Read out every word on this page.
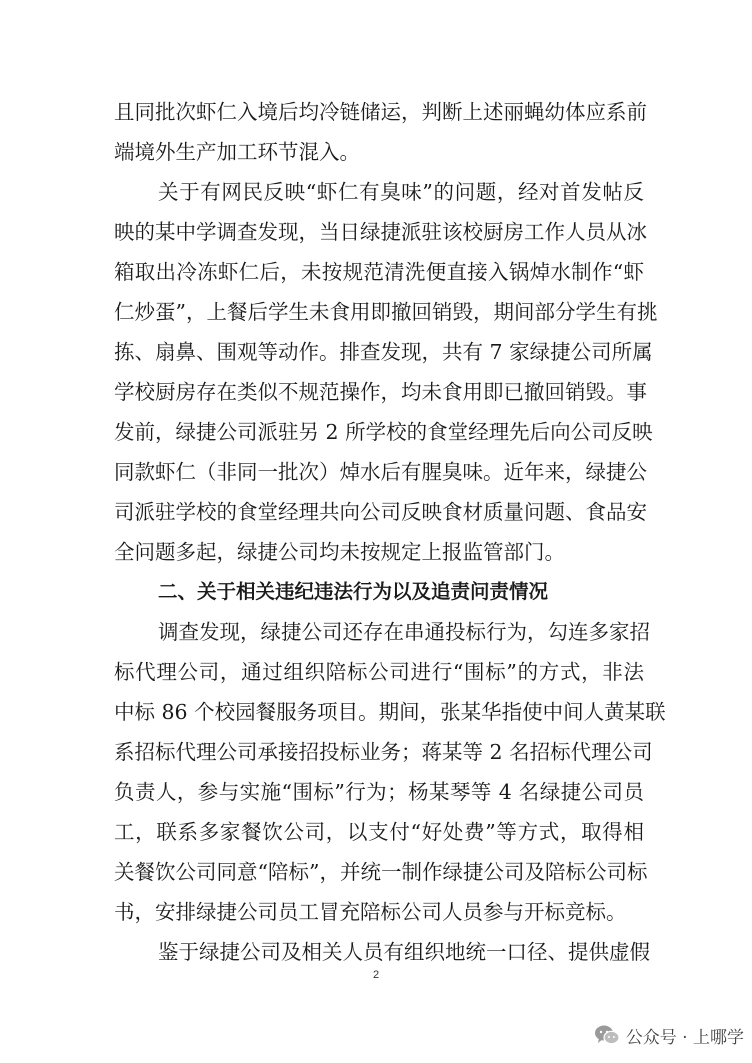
且同批次虾仁入境后均冷链储运，判断上述丽蝇幼体应系前
端境外生产加工环节混入。
关于有网民反映“虾仁有臭味”的问题，经对首发帖反
映的某中学调查发现，当日绿捷派驻该校厨房工作人员从冰
箱取出冷冻虾仁后，未按规范清洗便直接入锅焯水制作“虾
仁炒蛋”，上餐后学生未食用即撤回销毁，期间部分学生有挑
拣、扇鼻、围观等动作。排查发现，共有 7 家绿捷公司所属
学校厨房存在类似不规范操作，均未食用即已撤回销毁。事
发前，绿捷公司派驻另 2 所学校的食堂经理先后向公司反映
同款虾仁（非同一批次）焯水后有腥臭味。近年来，绿捷公
司派驻学校的食堂经理共向公司反映食材质量问题、食品安
全问题多起，绿捷公司均未按规定上报监管部门。
二、关于相关违纪违法行为以及追责问责情况
调查发现，绿捷公司还存在串通投标行为，勾连多家招
标代理公司，通过组织陪标公司进行“围标”的方式，非法
中标 86 个校园餐服务项目。期间，张某华指使中间人黄某联
系招标代理公司承接招投标业务；蒋某等 2 名招标代理公司
负责人，参与实施“围标”行为；杨某琴等 4 名绿捷公司员
工，联系多家餐饮公司，以支付“好处费”等方式，取得相
关餐饮公司同意“陪标”，并统一制作绿捷公司及陪标公司标
书，安排绿捷公司员工冒充陪标公司人员参与开标竞标。
鉴于绿捷公司及相关人员有组织地统一口径、提供虚假
2
公众号 · 上哪学
